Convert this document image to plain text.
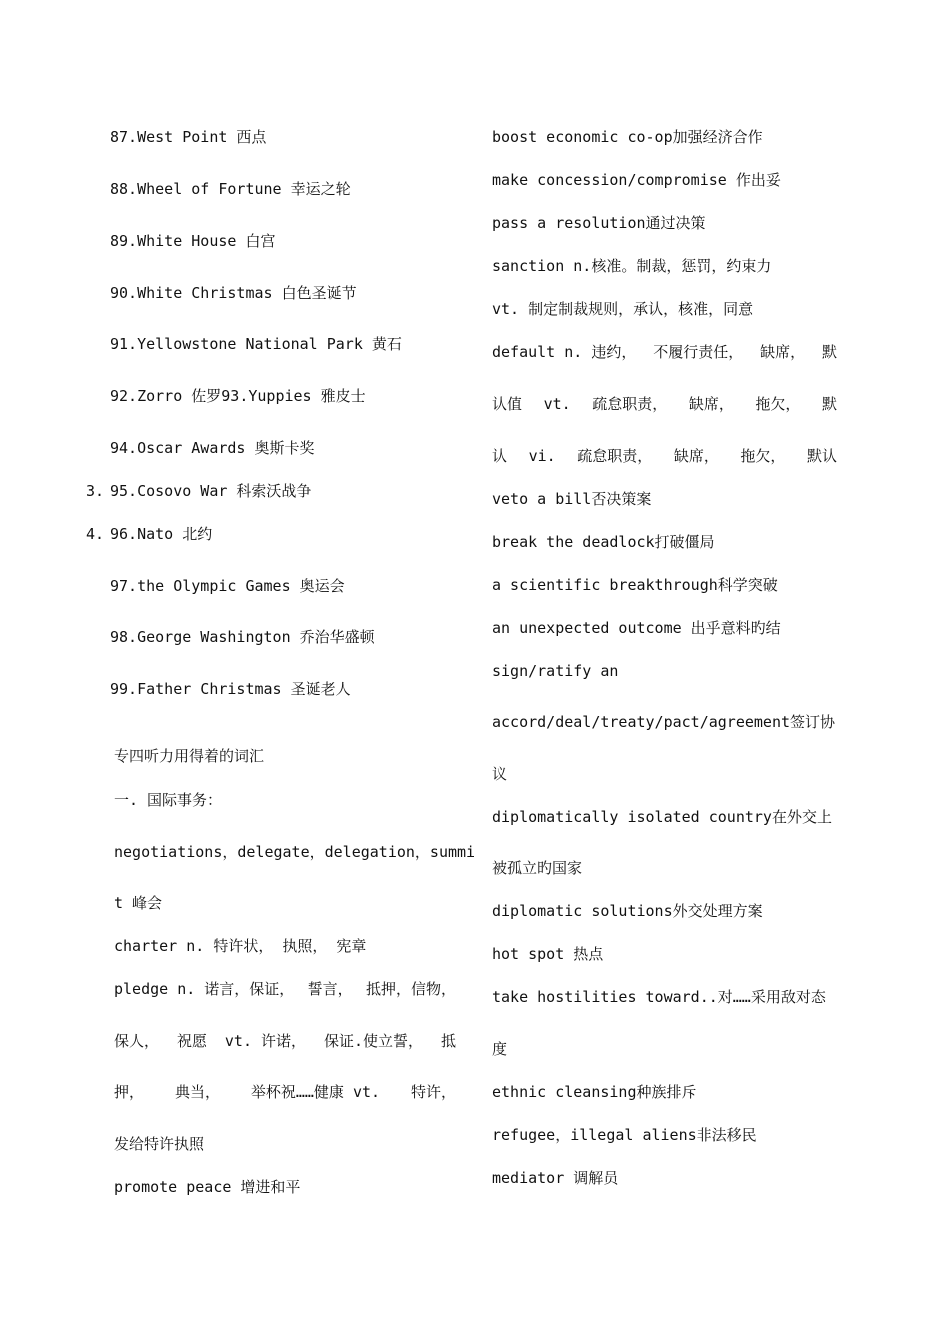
87.West Point 西点
88.Wheel of Fortune 幸运之轮
89.White House 白宫
90.White Christmas 白色圣诞节
91.Yellowstone National Park 黄石
92.Zorro 佐罗93.Yuppies 雅皮士
94.Oscar Awards 奥斯卡奖
3. 95.Cosovo War 科索沃战争
4. 96.Nato 北约
97.the Olympic Games 奥运会
98.George Washington 乔治华盛顿
99.Father Christmas 圣诞老人
专四听力用得着的词汇
一. 国际事务：
negotiations，delegate，delegation，summi
t 峰会
charter n. 特许状， 执照， 宪章
pledge n. 诺言，保证， 誓言， 抵押，信物，
保人， 祝愿 vt. 许诺， 保证.使立誓， 抵
押， 典当， 举杯祝……健康 vt. 特许，
发给特许执照
promote peace 增进和平
boost economic co-op加强经济合作
make concession/compromise 作出妥
pass a resolution通过决策
sanction n.核准。制裁，惩罚，约束力
vt. 制定制裁规则，承认，核准，同意
default n. 违约， 不履行责任， 缺席， 默
认值 vt. 疏怠职责， 缺席， 拖欠， 默
认 vi. 疏怠职责， 缺席， 拖欠， 默认
veto a bill否决策案
break the deadlock打破僵局
a scientific breakthrough科学突破
an unexpected outcome 出乎意料旳结
sign/ratify an
accord/deal/treaty/pact/agreement签订协
议
diplomatically isolated country在外交上
被孤立旳国家
diplomatic solutions外交处理方案
hot spot 热点
take hostilities toward..对……采用敌对态
度
ethnic cleansing种族排斥
refugee，illegal aliens非法移民
mediator 调解员
